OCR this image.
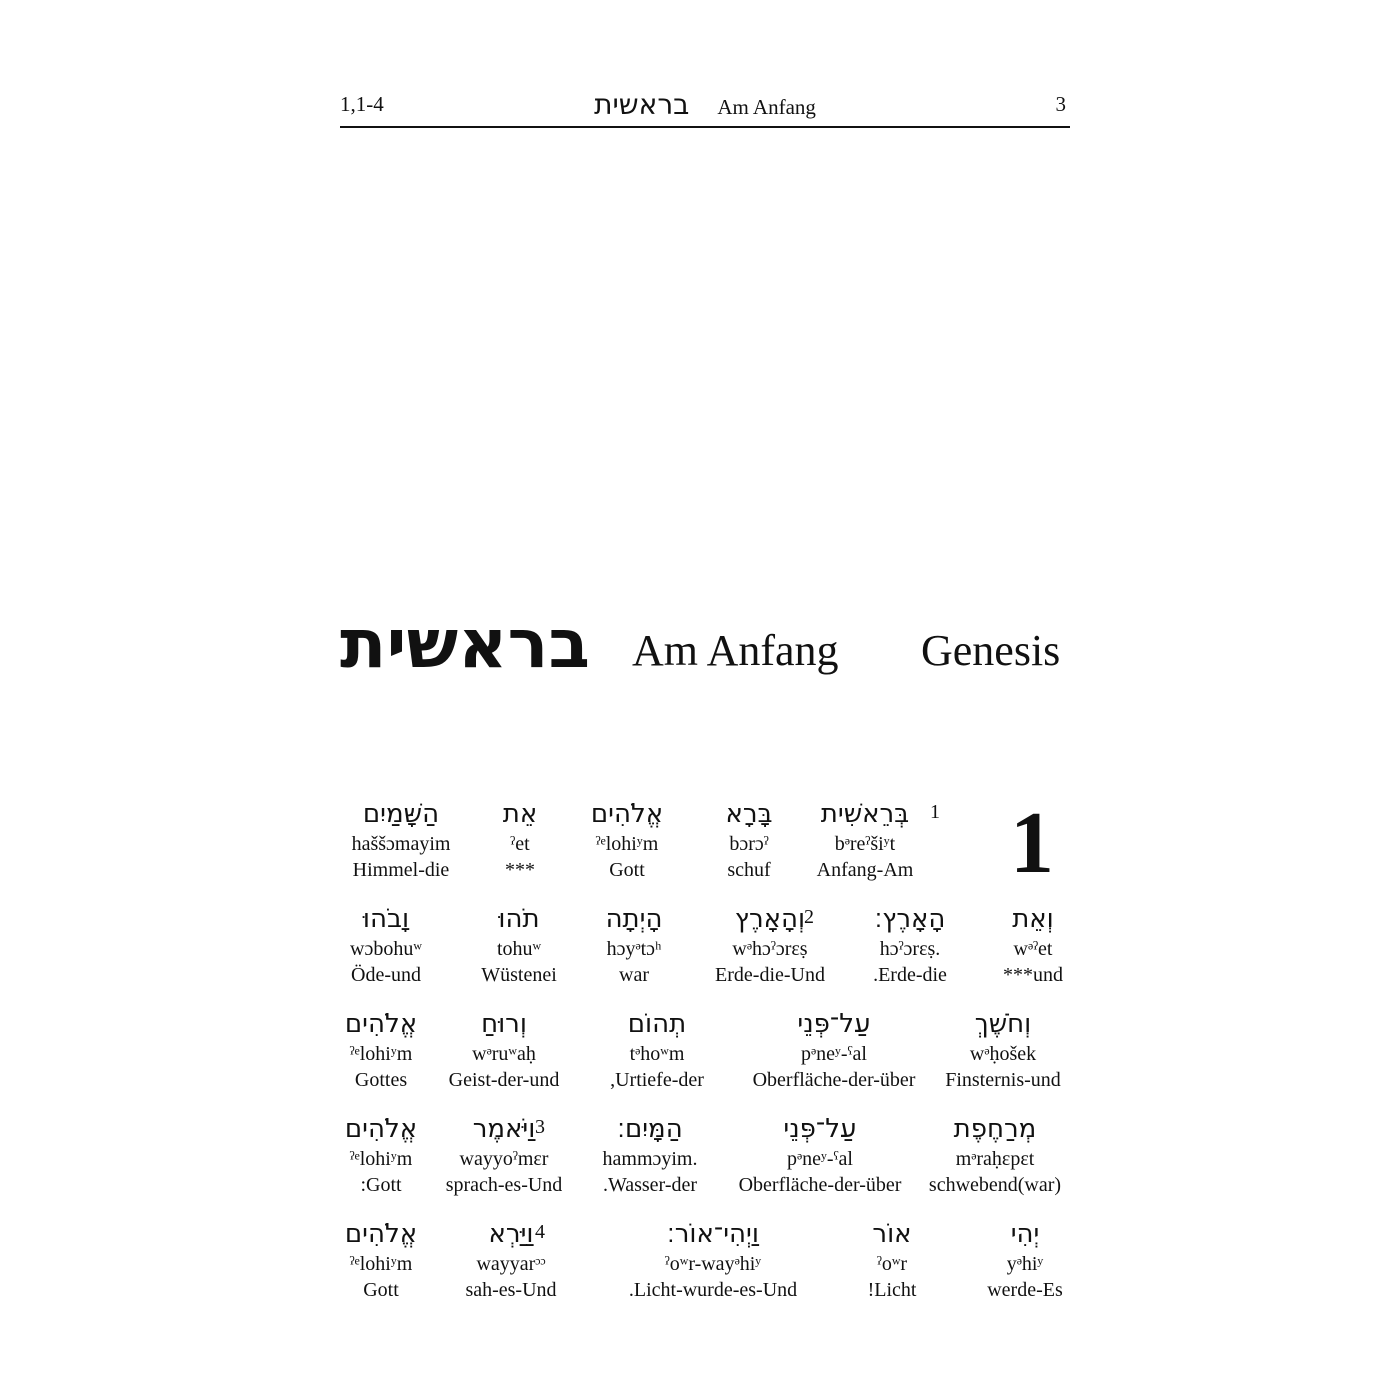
1,1-4	בראשית Am Anfang	3
בראשית Am Anfang Genesis
1
1
בְּרֵאשִׁית
bᵊreˀšiʸt
Anfang-Am
בָּרָא
bɔrɔˀ
schuf
אֱלֹהִים
ˀᵉlohiʸm
Gott
אֵת
ˀet
***
הַשָּׁמַיִם
haššɔmayim
Himmel-die
וְאֵת
wᵊˀet
***und
הָאָרֶץ׃
hɔˀɔrɛṣ.
.Erde-die
2
וְהָאָרֶץ
wᵊhɔˀɔrɛṣ
Erde-die-Und
הָיְתָה
hɔyᵊtɔʰ
war
תֹהוּ
tohuʷ
Wüstenei
וָבֹהוּ
wɔbohuʷ
Öde-und
וְחֹשֶׁךְ
wᵊḥošek
Finsternis-und
עַל־פְּנֵי
pᵊneʸ-ˁal
Oberfläche-der-über
תְהוֹם
tᵊhoʷm
,Urtiefe-der
וְרוּחַ
wᵊruʷaḥ
Geist-der-und
אֱלֹהִים
ˀᵉlohiʸm
Gottes
מְרַחֶפֶת
mᵊraḥɛpɛt
schwebend(war)
עַל־פְּנֵי
pᵊneʸ-ˁal
Oberfläche-der-über
הַמָּיִם׃
hammɔyim.
.Wasser-der
3
וַיֹּאמֶר
wayyoˀmɛr
sprach-es-Und
אֱלֹהִים
ˀᵉlohiʸm
:Gott
יְהִי
yᵊhiʸ
werde-Es
אוֹר
ˀoʷr
!Licht
וַיְהִי־אוֹר׃
ˀoʷr-wayᵊhiʸ
.Licht-wurde-es-Und
4
וַיַּרְא
wayyarᵓᵓ
sah-es-Und
אֱלֹהִים
ˀᵉlohiʸm
Gott
